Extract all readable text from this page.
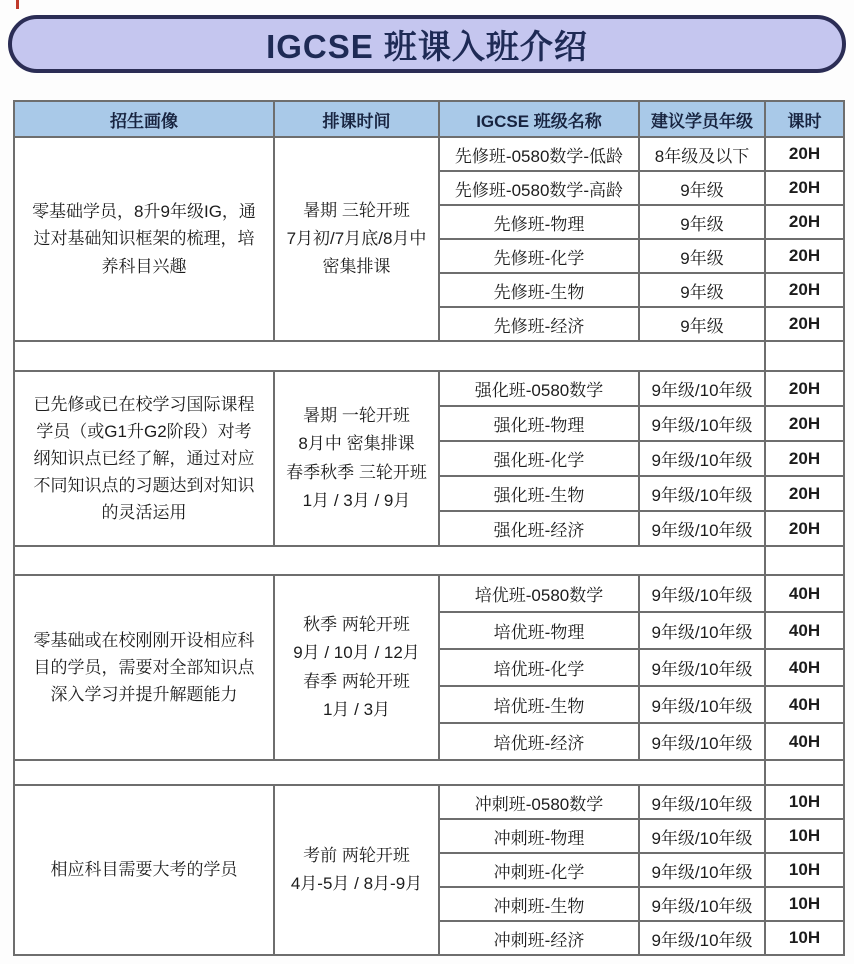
IGCSE 班课入班介绍
招生画像	排课时间	IGCSE 班级名称	建议学员年级	课时
零基础学员，8升9年级IG，通过对基础知识框架的梳理，培养科目兴趣	暑期 三轮开班
7月初/7月底/8月中
密集排课	先修班-0580数学-低龄	8年级及以下	20H
		先修班-0580数学-高龄	9年级	20H
		先修班-物理	9年级	20H
		先修班-化学	9年级	20H
		先修班-生物	9年级	20H
		先修班-经济	9年级	20H

已先修或已在校学习国际课程学员（或G1升G2阶段）对考纲知识点已经了解，通过对应不同知识点的习题达到对知识的灵活运用	暑期 一轮开班
8月中 密集排课
春季秋季 三轮开班
1月 / 3月 / 9月	强化班-0580数学	9年级/10年级	20H
		强化班-物理	9年级/10年级	20H
		强化班-化学	9年级/10年级	20H
		强化班-生物	9年级/10年级	20H
		强化班-经济	9年级/10年级	20H

零基础或在校刚刚开设相应科目的学员，需要对全部知识点深入学习并提升解题能力	秋季 两轮开班
9月 / 10月 / 12月
春季 两轮开班
1月 / 3月	培优班-0580数学	9年级/10年级	40H
		培优班-物理	9年级/10年级	40H
		培优班-化学	9年级/10年级	40H
		培优班-生物	9年级/10年级	40H
		培优班-经济	9年级/10年级	40H

相应科目需要大考的学员	考前 两轮开班
4月-5月 / 8月-9月	冲刺班-0580数学	9年级/10年级	10H
		冲刺班-物理	9年级/10年级	10H
		冲刺班-化学	9年级/10年级	10H
		冲刺班-生物	9年级/10年级	10H
		冲刺班-经济	9年级/10年级	10H
